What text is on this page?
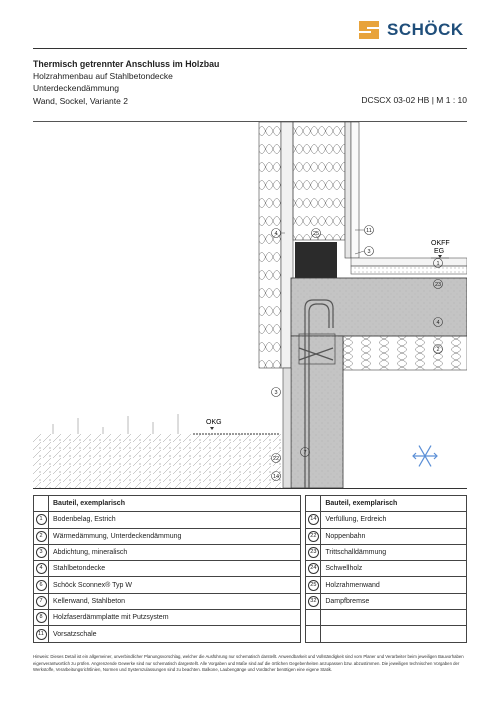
SCHÖCK
Thermisch getrennter Anschluss im Holzbau
Holzrahmenbau auf Stahlbetondecke
Unterdeckendämmung
Wand, Sockel, Variante 2	DCSCX 03-02 HB | M 1 : 10
OKFF
EG
OKG
4	25	11
3
1
23
4
2
3
7
22
14
	Bauteil, exemplarisch			Bauteil, exemplarisch
1	Bodenbelag, Estrich		14	Verfüllung, Erdreich
2	Wärmedämmung, Unterdeckendämmung		22	Noppenbahn
3	Abdichtung, mineralisch		23	Trittschalldämmung
4	Stahlbetondecke		24	Schwellholz
6	Schöck Sconnex® Typ W		25	Holzrahmenwand
7	Kellerwand, Stahlbeton		32	Dampfbremse
8	Holzfaserdämmplatte mit Putzsystem			
11	Vorsatzschale			
Hinweis: Dieses Detail ist ein allgemeiner, unverbindlicher Planungsvorschlag, welcher die Ausführung nur schematisch darstellt. Anwendbarkeit und Vollständigkeit sind vom Planer und Verarbeiter beim jeweiligen Bauvorhaben eigenverantwortlich zu prüfen. Angrenzende Gewerke sind nur schematisch dargestellt. Alle Vorgaben und Maße sind auf die örtlichen Gegebenheiten anzupassen bzw. abzustimmen. Die jeweiligen technischen Vorgaben der Werkstoffe, Verarbeitungsrichtlinien, Normen und Systemzulassungen sind zu beachten. Balkone, Laubengänge und Vordächer benötigen eine eigene Statik.
